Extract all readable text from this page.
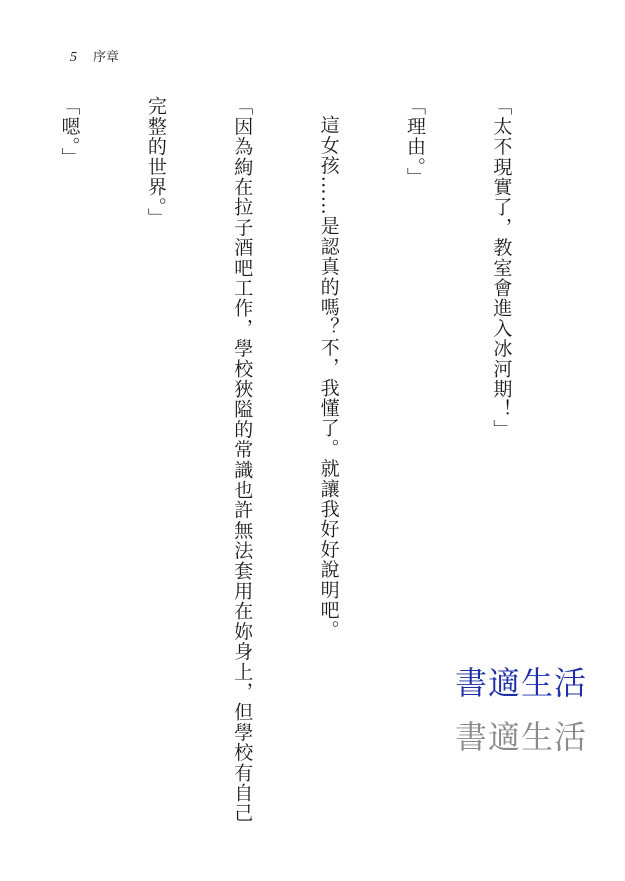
5 序章

「太不現實了，教室會進入冰河期！」

「理由。」

這女孩……是認真的嗎？不，我懂了。就讓我好好說明吧。

「因為絢在拉子酒吧工作，學校狹隘的常識也許無法套用在妳身上，但學校有自己

完整的世界。」

「嗯。」

書適生活
書適生活
